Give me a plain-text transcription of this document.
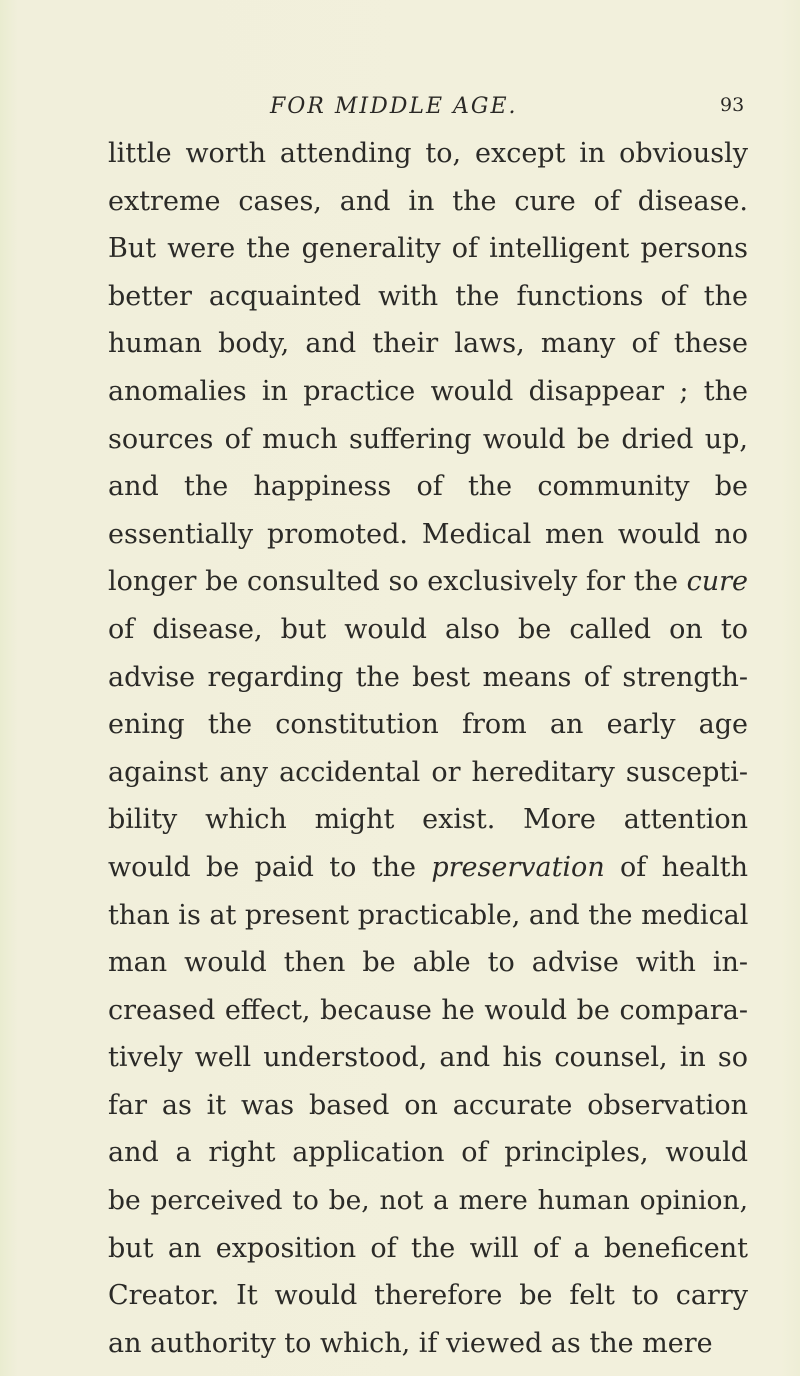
FOR MIDDLE AGE.	93
little worth attending to, except in obviously
extreme cases, and in the cure of disease.
But were the generality of intelligent persons
better acquainted with the functions of the
human body, and their laws, many of these
anomalies in practice would disappear ; the
sources of much suffering would be dried up,
and the happiness of the community be
essentially promoted. Medical men would no
longer be consulted so exclusively for the cure
of disease, but would also be called on to
advise regarding the best means of strength-
ening the constitution from an early age
against any accidental or hereditary suscepti-
bility which might exist. More attention
would be paid to the preservation of health
than is at present practicable, and the medical
man would then be able to advise with in-
creased effect, because he would be compara-
tively well understood, and his counsel, in so
far as it was based on accurate observation
and a right application of principles, would
be perceived to be, not a mere human opinion,
but an exposition of the will of a beneficent
Creator. It would therefore be felt to carry
an authority to which, if viewed as the mere
